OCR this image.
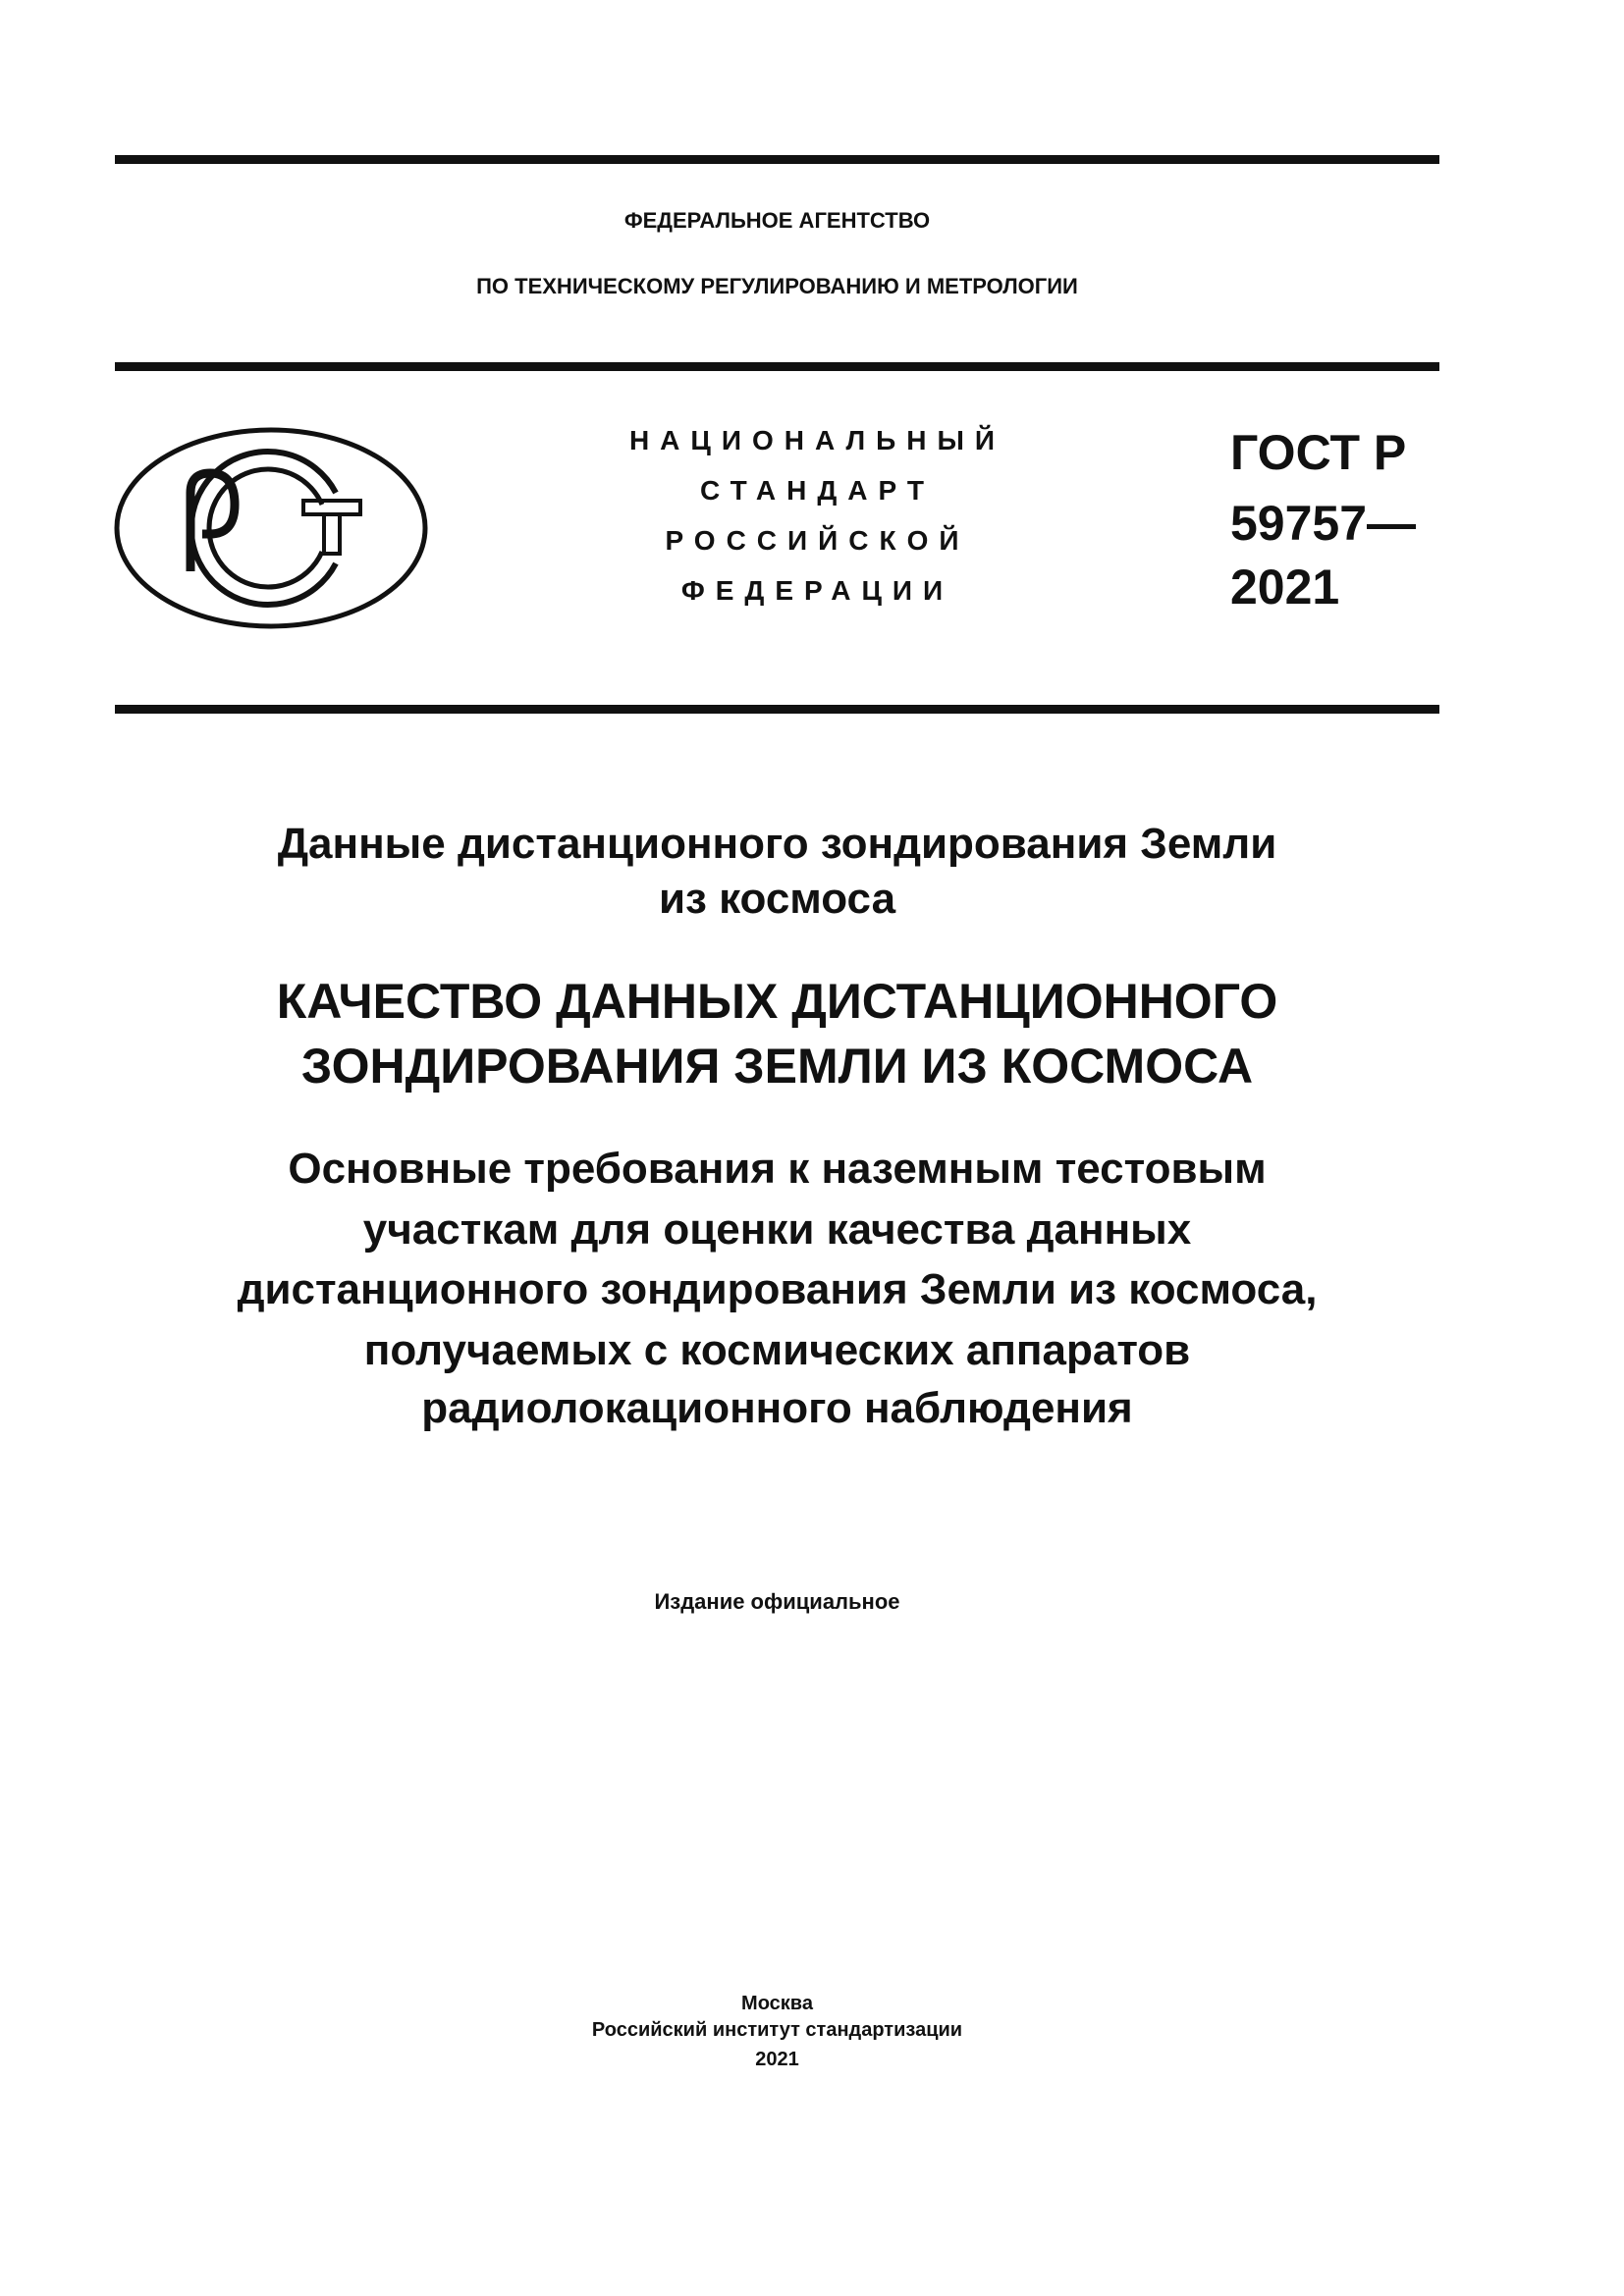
ФЕДЕРАЛЬНОЕ АГЕНТСТВО
ПО ТЕХНИЧЕСКОМУ РЕГУЛИРОВАНИЮ И МЕТРОЛОГИИ
НАЦИОНАЛЬНЫЙ
СТАНДАРТ
РОССИЙСКОЙ
ФЕДЕРАЦИИ
ГОСТ Р
59757—
2021
Данные дистанционного зондирования Земли
из космоса
КАЧЕСТВО ДАННЫХ ДИСТАНЦИОННОГО
ЗОНДИРОВАНИЯ ЗЕМЛИ ИЗ КОСМОСА
Основные требования к наземным тестовым
участкам для оценки качества данных
дистанционного зондирования Земли из космоса,
получаемых с космических аппаратов
радиолокационного наблюдения
Издание официальное
Москва
Российский институт стандартизации
2021
